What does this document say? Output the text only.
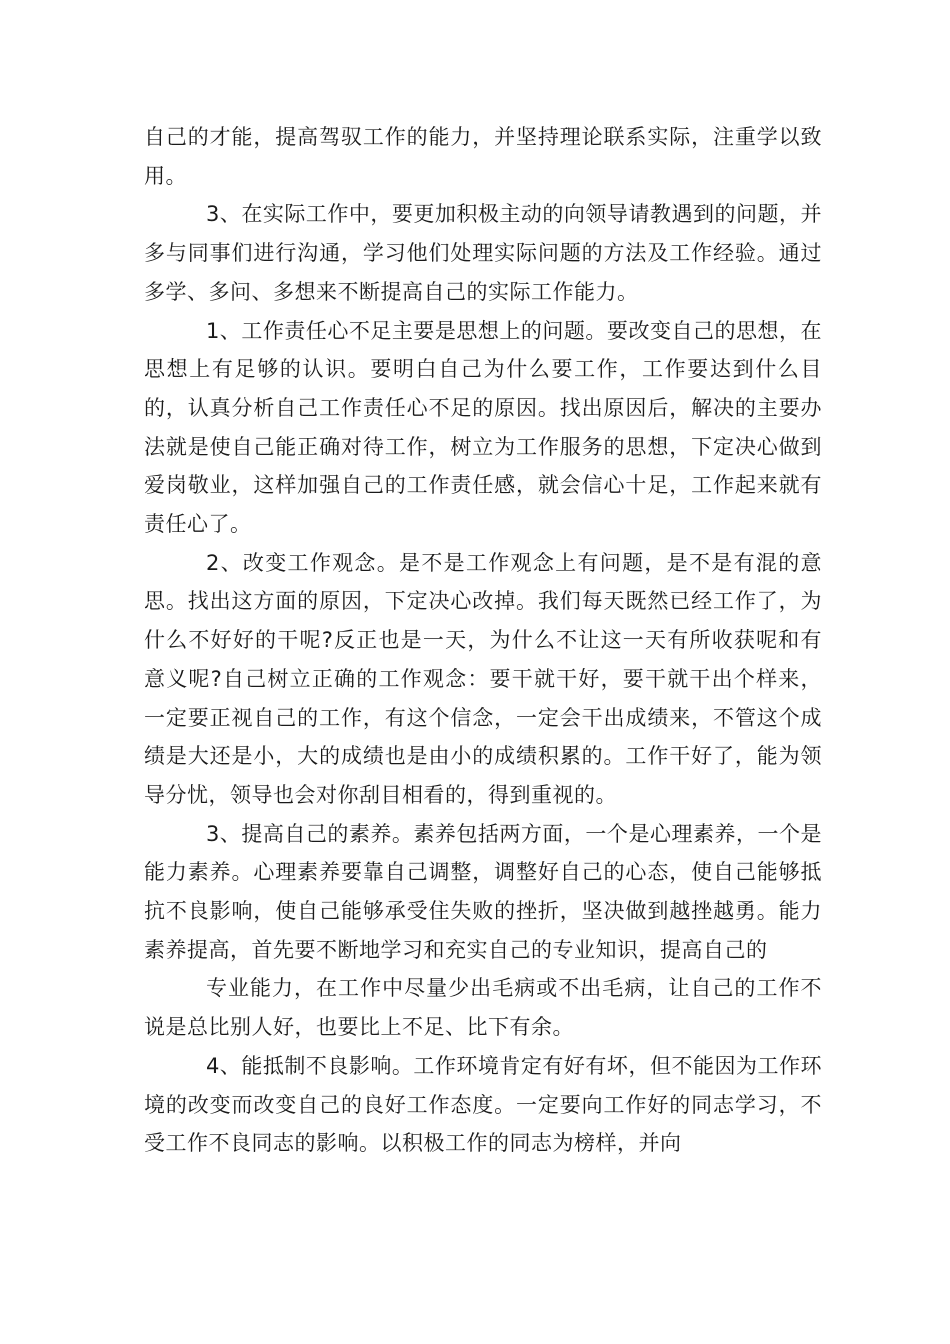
自己的才能，提高驾驭工作的能力，并坚持理论联系实际，注重学以致用。

3、在实际工作中，要更加积极主动的向领导请教遇到的问题，并多与同事们进行沟通，学习他们处理实际问题的方法及工作经验。通过多学、多问、多想来不断提高自己的实际工作能力。

1、工作责任心不足主要是思想上的问题。要改变自己的思想，在思想上有足够的认识。要明白自己为什么要工作，工作要达到什么目的，认真分析自己工作责任心不足的原因。找出原因后，解决的主要办法就是使自己能正确对待工作，树立为工作服务的思想，下定决心做到爱岗敬业，这样加强自己的工作责任感，就会信心十足，工作起来就有责任心了。

2、改变工作观念。是不是工作观念上有问题，是不是有混的意思。找出这方面的原因，下定决心改掉。我们每天既然已经工作了，为什么不好好的干呢?反正也是一天，为什么不让这一天有所收获呢和有意义呢?自己树立正确的工作观念：要干就干好，要干就干出个样来，一定要正视自己的工作，有这个信念，一定会干出成绩来，不管这个成绩是大还是小，大的成绩也是由小的成绩积累的。工作干好了，能为领导分忧，领导也会对你刮目相看的，得到重视的。

3、提高自己的素养。素养包括两方面，一个是心理素养，一个是能力素养。心理素养要靠自己调整，调整好自己的心态，使自己能够抵抗不良影响，使自己能够承受住失败的挫折，坚决做到越挫越勇。能力素养提高，首先要不断地学习和充实自己的专业知识，提高自己的

专业能力，在工作中尽量少出毛病或不出毛病，让自己的工作不说是总比别人好，也要比上不足、比下有余。

4、能抵制不良影响。工作环境肯定有好有坏，但不能因为工作环境的改变而改变自己的良好工作态度。一定要向工作好的同志学习，不受工作不良同志的影响。以积极工作的同志为榜样，并向
